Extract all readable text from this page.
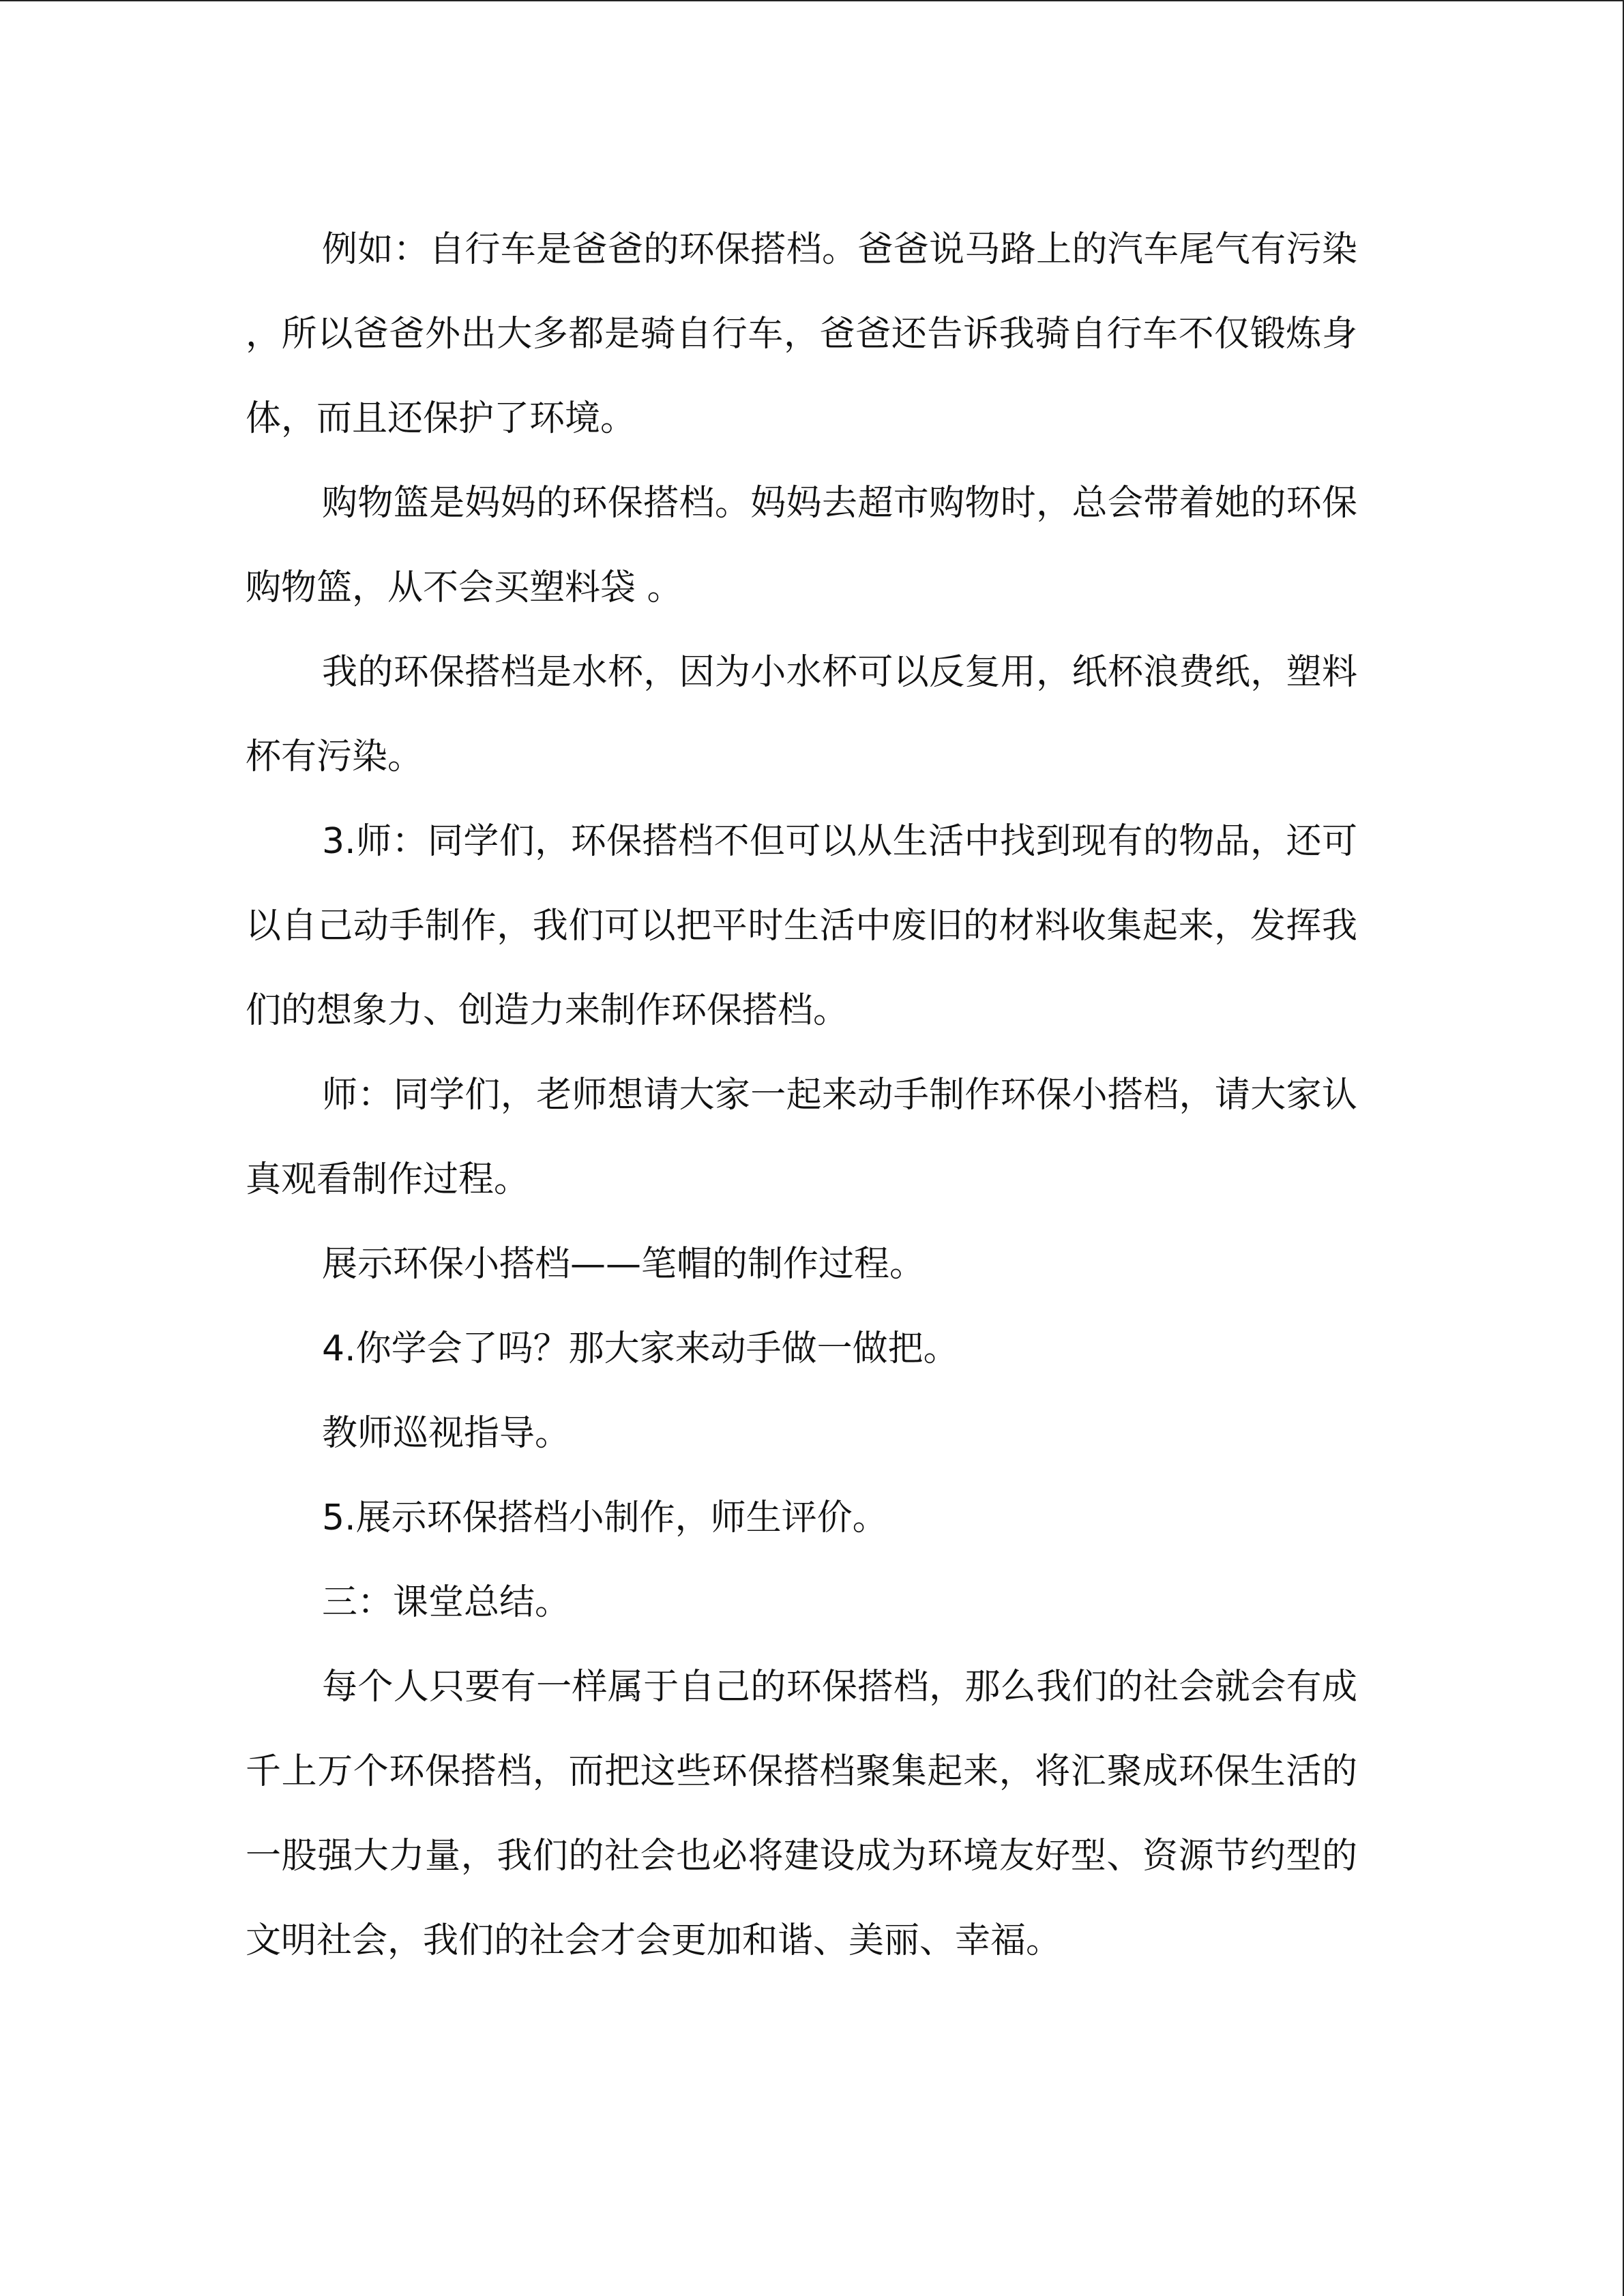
例如：自行车是爸爸的环保搭档。爸爸说马路上的汽车尾气有污染，所以爸爸外出大多都是骑自行车，爸爸还告诉我骑自行车不仅锻炼身体，而且还保护了环境。

购物篮是妈妈的环保搭档。妈妈去超市购物时，总会带着她的环保购物篮，从不会买塑料袋 。

我的环保搭档是水杯，因为小水杯可以反复用，纸杯浪费纸，塑料杯有污染。

3.师：同学们，环保搭档不但可以从生活中找到现有的物品，还可以自己动手制作，我们可以把平时生活中废旧的材料收集起来，发挥我们的想象力、创造力来制作环保搭档。

师：同学们，老师想请大家一起来动手制作环保小搭档，请大家认真观看制作过程。

展示环保小搭档——笔帽的制作过程。

4.你学会了吗？那大家来动手做一做把。

教师巡视指导。

5.展示环保搭档小制作，师生评价。

三：课堂总结。

每个人只要有一样属于自己的环保搭档，那么我们的社会就会有成千上万个环保搭档，而把这些环保搭档聚集起来，将汇聚成环保生活的一股强大力量，我们的社会也必将建设成为环境友好型、资源节约型的文明社会，我们的社会才会更加和谐、美丽、幸福。
